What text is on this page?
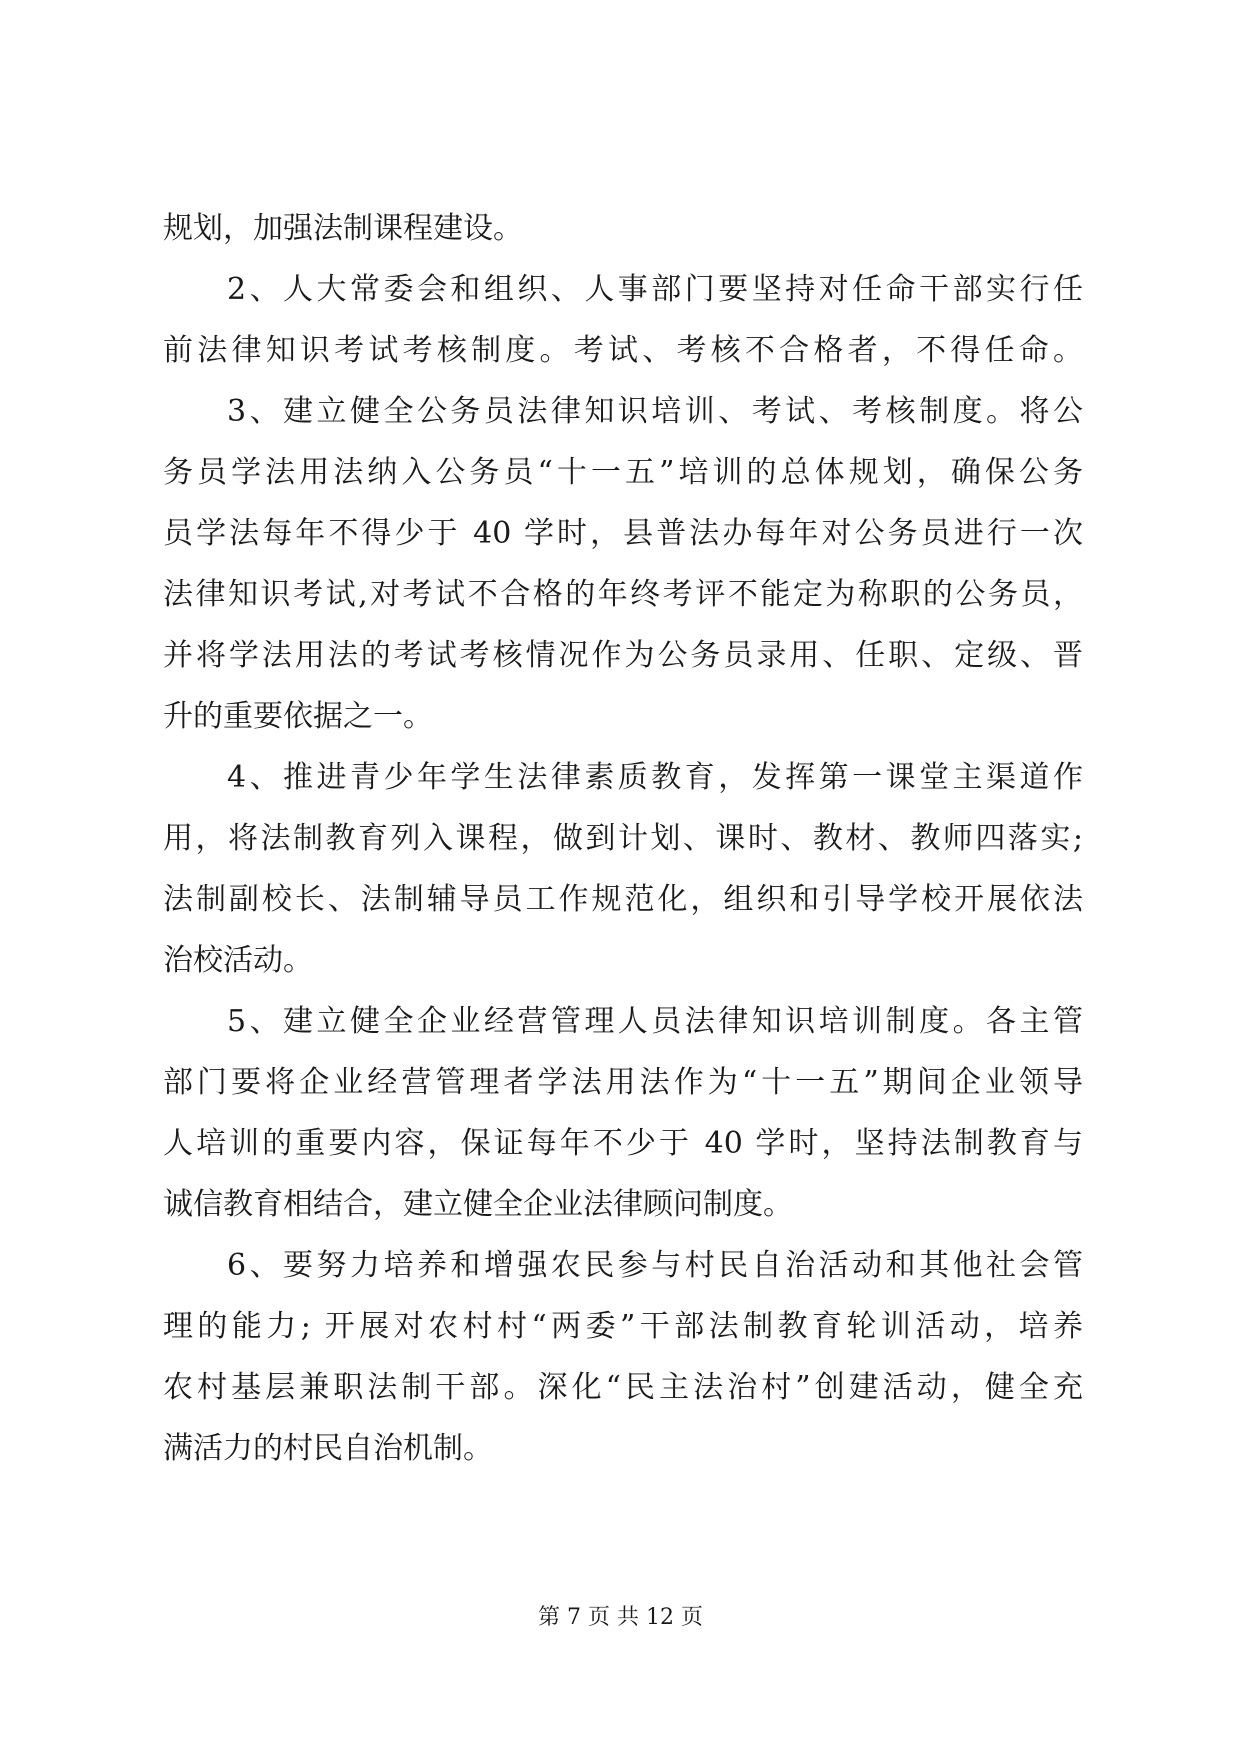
规划，加强法制课程建设。
2、人大常委会和组织、人事部门要坚持对任命干部实行任
前法律知识考试考核制度。考试、考核不合格者，不得任命。
3、建立健全公务员法律知识培训、考试、考核制度。将公
务员学法用法纳入公务员“十一五”培训的总体规划，确保公务
员学法每年不得少于 40 学时，县普法办每年对公务员进行一次
法律知识考试,对考试不合格的年终考评不能定为称职的公务员，
并将学法用法的考试考核情况作为公务员录用、任职、定级、晋
升的重要依据之一。
4、推进青少年学生法律素质教育，发挥第一课堂主渠道作
用，将法制教育列入课程，做到计划、课时、教材、教师四落实;
法制副校长、法制辅导员工作规范化，组织和引导学校开展依法
治校活动。
5、建立健全企业经营管理人员法律知识培训制度。各主管
部门要将企业经营管理者学法用法作为“十一五”期间企业领导
人培训的重要内容，保证每年不少于 40 学时，坚持法制教育与
诚信教育相结合，建立健全企业法律顾问制度。
6、要努力培养和增强农民参与村民自治活动和其他社会管
理的能力; 开展对农村村“两委”干部法制教育轮训活动，培养
农村基层兼职法制干部。深化“民主法治村”创建活动，健全充
满活力的村民自治机制。
第 7 页 共 12 页
